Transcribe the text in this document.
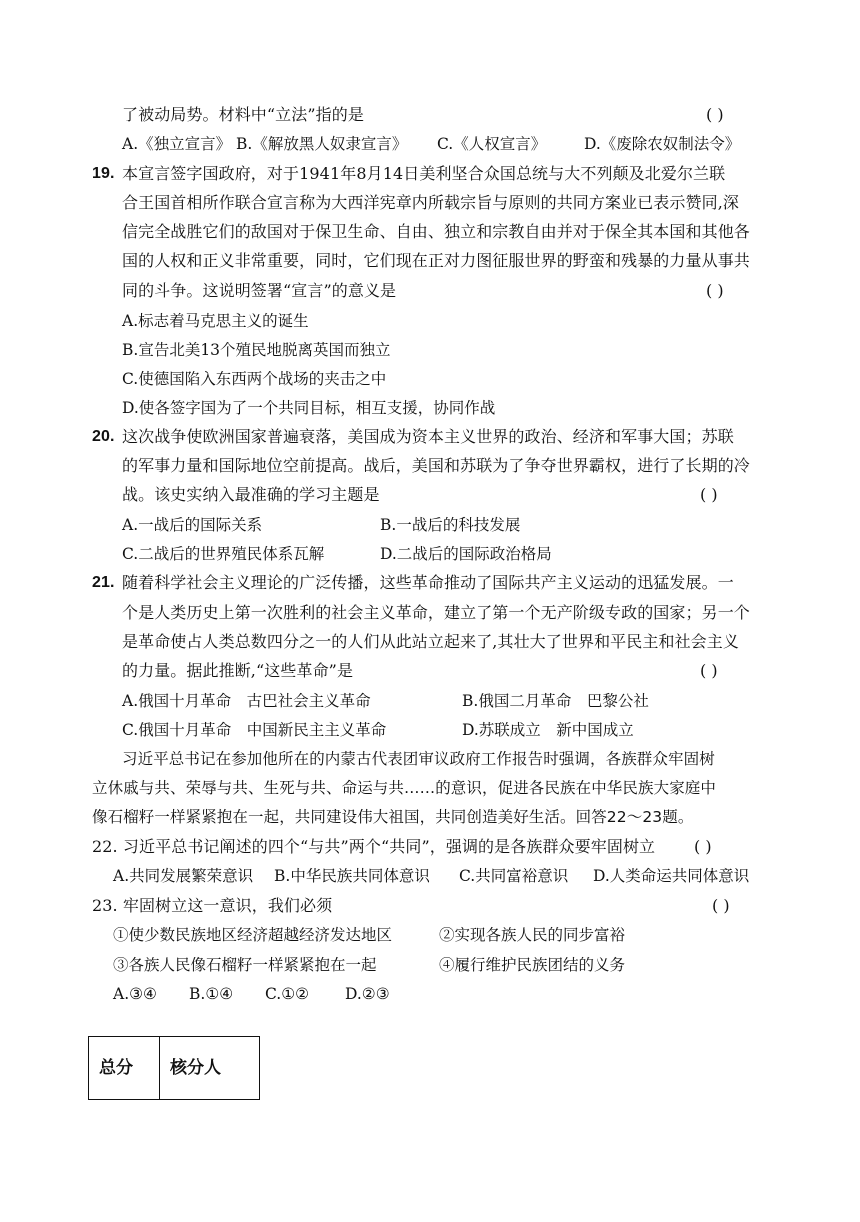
了被动局势。材料中“立法”指的是	( )
A.《独立宣言》 B.《解放黑人奴隶宣言》 C.《人权宣言》 D.《废除农奴制法令》
19. 本宣言签字国政府，对于1941年8月14日美利坚合众国总统与大不列颠及北爱尔兰联
合王国首相所作联合宣言称为大西洋宪章内所载宗旨与原则的共同方案业已表示赞同,深
信完全战胜它们的敌国对于保卫生命、自由、独立和宗教自由并对于保全其本国和其他各
国的人权和正义非常重要，同时，它们现在正对力图征服世界的野蛮和残暴的力量从事共
同的斗争。这说明签署“宣言”的意义是	( )
A.标志着马克思主义的诞生
B.宣告北美13个殖民地脱离英国而独立
C.使德国陷入东西两个战场的夹击之中
D.使各签字国为了一个共同目标，相互支援，协同作战
20. 这次战争使欧洲国家普遍衰落，美国成为资本主义世界的政治、经济和军事大国；苏联
的军事力量和国际地位空前提高。战后，美国和苏联为了争夺世界霸权，进行了长期的冷
战。该史实纳入最准确的学习主题是	( )
A.一战后的国际关系	B.一战后的科技发展
C.二战后的世界殖民体系瓦解	D.二战后的国际政治格局
21. 随着科学社会主义理论的广泛传播，这些革命推动了国际共产主义运动的迅猛发展。一
个是人类历史上第一次胜利的社会主义革命，建立了第一个无产阶级专政的国家；另一个
是革命使占人类总数四分之一的人们从此站立起来了,其壮大了世界和平民主和社会主义
的力量。据此推断,“这些革命”是	( )
A.俄国十月革命　古巴社会主义革命	B.俄国二月革命　巴黎公社
C.俄国十月革命　中国新民主主义革命	D.苏联成立　新中国成立
习近平总书记在参加他所在的内蒙古代表团审议政府工作报告时强调，各族群众牢固树
立休戚与共、荣辱与共、生死与共、命运与共……的意识，促进各民族在中华民族大家庭中
像石榴籽一样紧紧抱在一起，共同建设伟大祖国，共同创造美好生活。回答22～23题。
22. 习近平总书记阐述的四个“与共”两个“共同”，强调的是各族群众要牢固树立 ( )
A.共同发展繁荣意识 B.中华民族共同体意识 C.共同富裕意识 D.人类命运共同体意识
23. 牢固树立这一意识，我们必须	( )
①使少数民族地区经济超越经济发达地区	②实现各族人民的同步富裕
③各族人民像石榴籽一样紧紧抱在一起	④履行维护民族团结的义务
A.③④ B.①④ C.①② D.②③
总分	核分人
